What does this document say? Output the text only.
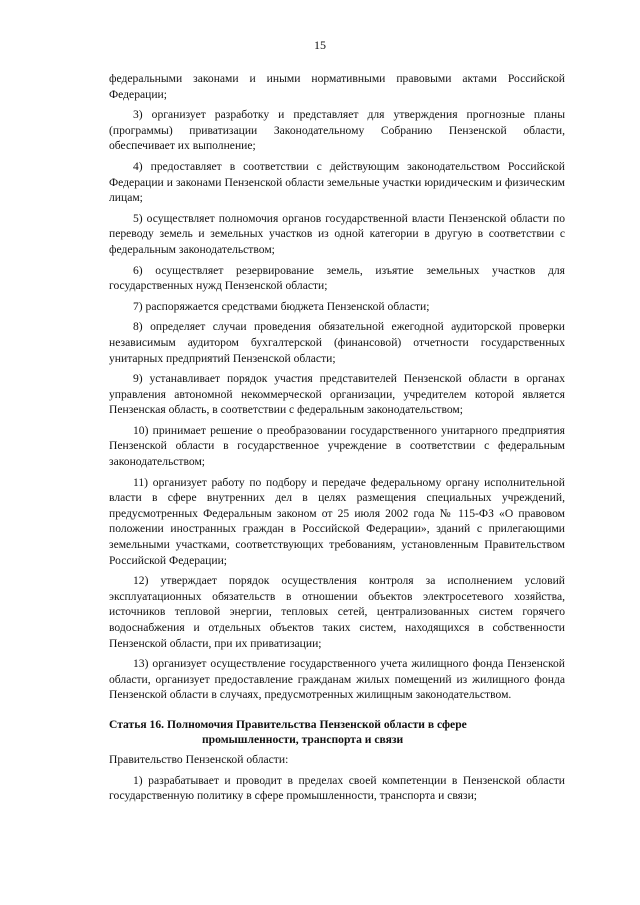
15

федеральными законами и иными нормативными правовыми актами Российской Федерации;

3) организует разработку и представляет для утверждения прогнозные планы (программы) приватизации Законодательному Собранию Пензенской области, обеспечивает их выполнение;

4) предоставляет в соответствии с действующим законодательством Российской Федерации и законами Пензенской области земельные участки юридическим и физическим лицам;

5) осуществляет полномочия органов государственной власти Пензенской области по переводу земель и земельных участков из одной категории в другую в соответствии с федеральным законодательством;

6) осуществляет резервирование земель, изъятие земельных участков для государственных нужд Пензенской области;

7) распоряжается средствами бюджета Пензенской области;

8) определяет случаи проведения обязательной ежегодной аудиторской проверки независимым аудитором бухгалтерской (финансовой) отчетности государственных унитарных предприятий Пензенской области;

9) устанавливает порядок участия представителей Пензенской области в органах управления автономной некоммерческой организации, учредителем которой является Пензенская область, в соответствии с федеральным законодательством;

10) принимает решение о преобразовании государственного унитарного предприятия Пензенской области в государственное учреждение в соответствии с федеральным законодательством;

11) организует работу по подбору и передаче федеральному органу исполнительной власти в сфере внутренних дел в целях размещения специальных учреждений, предусмотренных Федеральным законом от 25 июля 2002 года № 115-ФЗ «О правовом положении иностранных граждан в Российской Федерации», зданий с прилегающими земельными участками, соответствующих требованиям, установленным Правительством Российской Федерации;

12) утверждает порядок осуществления контроля за исполнением условий эксплуатационных обязательств в отношении объектов электросетевого хозяйства, источников тепловой энергии, тепловых сетей, централизованных систем горячего водоснабжения и отдельных объектов таких систем, находящихся в собственности Пензенской области, при их приватизации;

13) организует осуществление государственного учета жилищного фонда Пензенской области, организует предоставление гражданам жилых помещений из жилищного фонда Пензенской области в случаях, предусмотренных жилищным законодательством.

Статья 16. Полномочия Правительства Пензенской области в сфере промышленности, транспорта и связи

Правительство Пензенской области:

1) разрабатывает и проводит в пределах своей компетенции в Пензенской области государственную политику в сфере промышленности, транспорта и связи;
